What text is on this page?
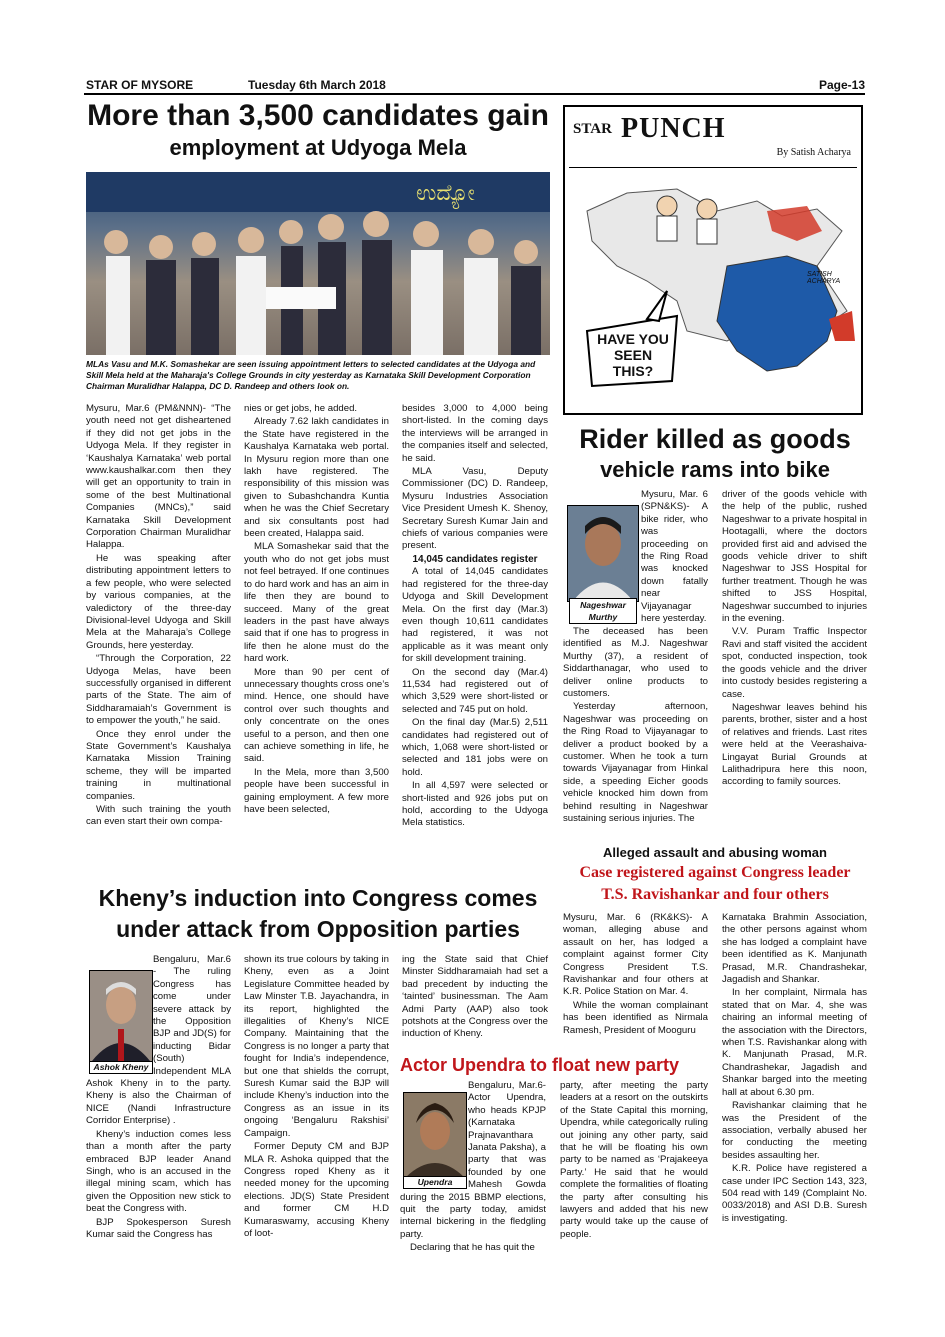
STAR OF MYSORE	Tuesday 6th March 2018	Page-13
More than 3,500 candidates gain
employment at Udyoga Mela
ಉದ್ಯೋ
MLAs Vasu and M.K. Somashekar are seen issuing appointment letters to selected candidates at the Udyoga and Skill Mela held at the Maharaja's College Grounds in city yesterday as Karnataka Skill Development Corporation Chairman Muralidhar Halappa, DC D. Randeep and others look on.

Mysuru, Mar.6 (PM&NNN)- “The youth need not get disheartened if they did not get jobs in the Udyoga Mela. If they register in ‘Kaushalya Karnataka’ web portal www.kaushalkar.com then they will get an opportunity to train in some of the best Multinational Companies (MNCs),” said Karnataka Skill Development Corporation Chairman Muralidhar Halappa.

He was speaking after distributing appointment letters to a few people, who were selected by various companies, at the valedictory of the three-day Divisional-level Udyoga and Skill Mela at the Maharaja’s College Grounds, here yesterday.

“Through the Corporation, 22 Udyoga Melas, have been successfully organised in different parts of the State. The aim of Siddharamaiah’s Government is to empower the youth,” he said.

Once they enrol under the State Government’s Kaushalya Karnataka Mission Training scheme, they will be imparted training in multinational companies.

With such training the youth can even start their own compa-

nies or get jobs, he added.

Already 7.62 lakh candidates in the State have registered in the Kaushalya Karnataka web portal. In Mysuru region more than one lakh have registered. The responsibility of this mission was given to Subashchandra Kuntia when he was the Chief Secretary and six consultants post had been created, Halappa said.

MLA Somashekar said that the youth who do not get jobs must not feel betrayed. If one continues to do hard work and has an aim in life then they are bound to succeed. Many of the great leaders in the past have always said that if one has to progress in life then he alone must do the hard work.

More than 90 per cent of unnecessary thoughts cross one’s mind. Hence, one should have control over such thoughts and only concentrate on the ones useful to a person, and then one can achieve something in life, he said.

In the Mela, more than 3,500 people have been successful in gaining employment. A few more have been selected,

besides 3,000 to 4,000 being short-listed. In the coming days the interviews will be arranged in the companies itself and selected, he said.

MLA Vasu, Deputy Commissioner (DC) D. Randeep, Mysuru Industries Association Vice President Umesh K. Shenoy, Secretary Suresh Kumar Jain and chiefs of various companies were present.

14,045 candidates register

A total of 14,045 candidates had registered for the three-day Udyoga and Skill Development Mela. On the first day (Mar.3) even though 10,611 candidates had registered, it was not applicable as it was meant only for skill development training.

On the second day (Mar.4) 11,534 had registered out of which 3,529 were short-listed or selected and 745 put on hold.

On the final day (Mar.5) 2,511 candidates had registered out of which, 1,068 were short-listed or selected and 181 jobs were on hold.

In all 4,597 were selected or short-listed and 926 jobs put on hold, according to the Udyoga Mela statistics.

STAR PUNCH
By Satish Acharya
HAVE YOU SEEN THIS?
SATISH ACHARYA
Rider killed as goods
vehicle rams into bike
Nageshwar Murthy

Mysuru, Mar. 6 (SPN&KS)- A bike rider, who was proceeding on the Ring Road was knocked down fatally near Vijayanagar here yesterday.

The deceased has been identified as M.J. Nageshwar Murthy (37), a resident of Siddarthanagar, who used to deliver online products to customers.

Yesterday afternoon, Nageshwar was proceeding on the Ring Road to Vijayanagar to deliver a product booked by a customer. When he took a turn towards Vijayanagar from Hinkal side, a speeding Eicher goods vehicle knocked him down from behind resulting in Nageshwar sustaining serious injuries. The

driver of the goods vehicle with the help of the public, rushed Nageshwar to a private hospital in Hootagalli, where the doctors provided first aid and advised the goods vehicle driver to shift Nageshwar to JSS Hospital for further treatment. Though he was shifted to JSS Hospital, Nageshwar succumbed to injuries in the evening.

V.V. Puram Traffic Inspector Ravi and staff visited the accident spot, conducted inspection, took the goods vehicle and the driver into custody besides registering a case.

Nageshwar leaves behind his parents, brother, sister and a host of relatives and friends. Last rites were held at the Veerashaiva-Lingayat Burial Grounds at Lalithadripura here this noon, according to family sources.

Alleged assault and abusing woman
Case registered against Congress leader
T.S. Ravishankar and four others

Mysuru, Mar. 6 (RK&KS)- A woman, alleging abuse and assault on her, has lodged a complaint against former City Congress President T.S. Ravishankar and four others at K.R. Police Station on Mar. 4.

While the woman complainant has been identified as Nirmala Ramesh, President of Mooguru

Karnataka Brahmin Association, the other persons against whom she has lodged a complaint have been identified as K. Manjunath Prasad, M.R. Chandrashekar, Jagadish and Shankar.

In her complaint, Nirmala has stated that on Mar. 4, she was chairing an informal meeting of the association with the Directors, when T.S. Ravishankar along with K. Manjunath Prasad, M.R. Chandrashekar, Jagadish and Shankar barged into the meeting hall at about 6.30 pm.

Ravishankar claiming that he was the President of the association, verbally abused her for conducting the meeting besides assaulting her.

K.R. Police have registered a case under IPC Section 143, 323, 504 read with 149 (Complaint No. 0033/2018) and ASI D.B. Suresh is investigating.

Kheny’s induction into Congress comes
under attack from Opposition parties
Ashok Kheny

Bengaluru, Mar.6 - The ruling Congress has come under severe attack by the Opposition BJP and JD(S) for inducting Bidar (South) Independent MLA Ashok Kheny in to the party. Kheny is also the Chairman of NICE (Nandi Infrastructure Corridor Enterprise) .

Kheny’s induction comes less than a month after the party embraced BJP leader Anand Singh, who is an accused in the illegal mining scam, which has given the Opposition new stick to beat the Congress with.

BJP Spokesperson Suresh Kumar said the Congress has

shown its true colours by taking in Kheny, even as a Joint Legislature Committee headed by Law Minster T.B. Jayachandra, in its report, highlighted the illegalities of Kheny’s NICE Company. Maintaining that the Congress is no longer a party that fought for India’s independence, but one that shields the corrupt, Suresh Kumar said the BJP will include Kheny’s induction into the Congress as an issue in its ongoing ‘Bengaluru Rakshisi’ Campaign.

Former Deputy CM and BJP MLA R. Ashoka quipped that the Congress roped Kheny as it needed money for the upcoming elections. JD(S) State President and former CM H.D Kumaraswamy, accusing Kheny of loot-

ing the State said that Chief Minster Siddharamaiah had set a bad precedent by inducting the ‘tainted’ businessman. The Aam Admi Party (AAP) also took potshots at the Congress over the induction of Kheny.

Actor Upendra to float new party
Upendra

Bengaluru, Mar.6- Actor Upendra, who heads KPJP (Karnataka Prajnavanthara Janata Paksha), a party that was founded by one Mahesh Gowda during the 2015 BBMP elections, quit the party today, amidst internal bickering in the fledgling party.

Declaring that he has quit the

party, after meeting the party leaders at a resort on the outskirts of the State Capital this morning, Upendra, while categorically ruling out joining any other party, said that he will be floating his own party to be named as ‘Prajakeeya Party.’ He said that he would complete the formalities of floating the party after consulting his lawyers and added that his new party would take up the cause of people.
